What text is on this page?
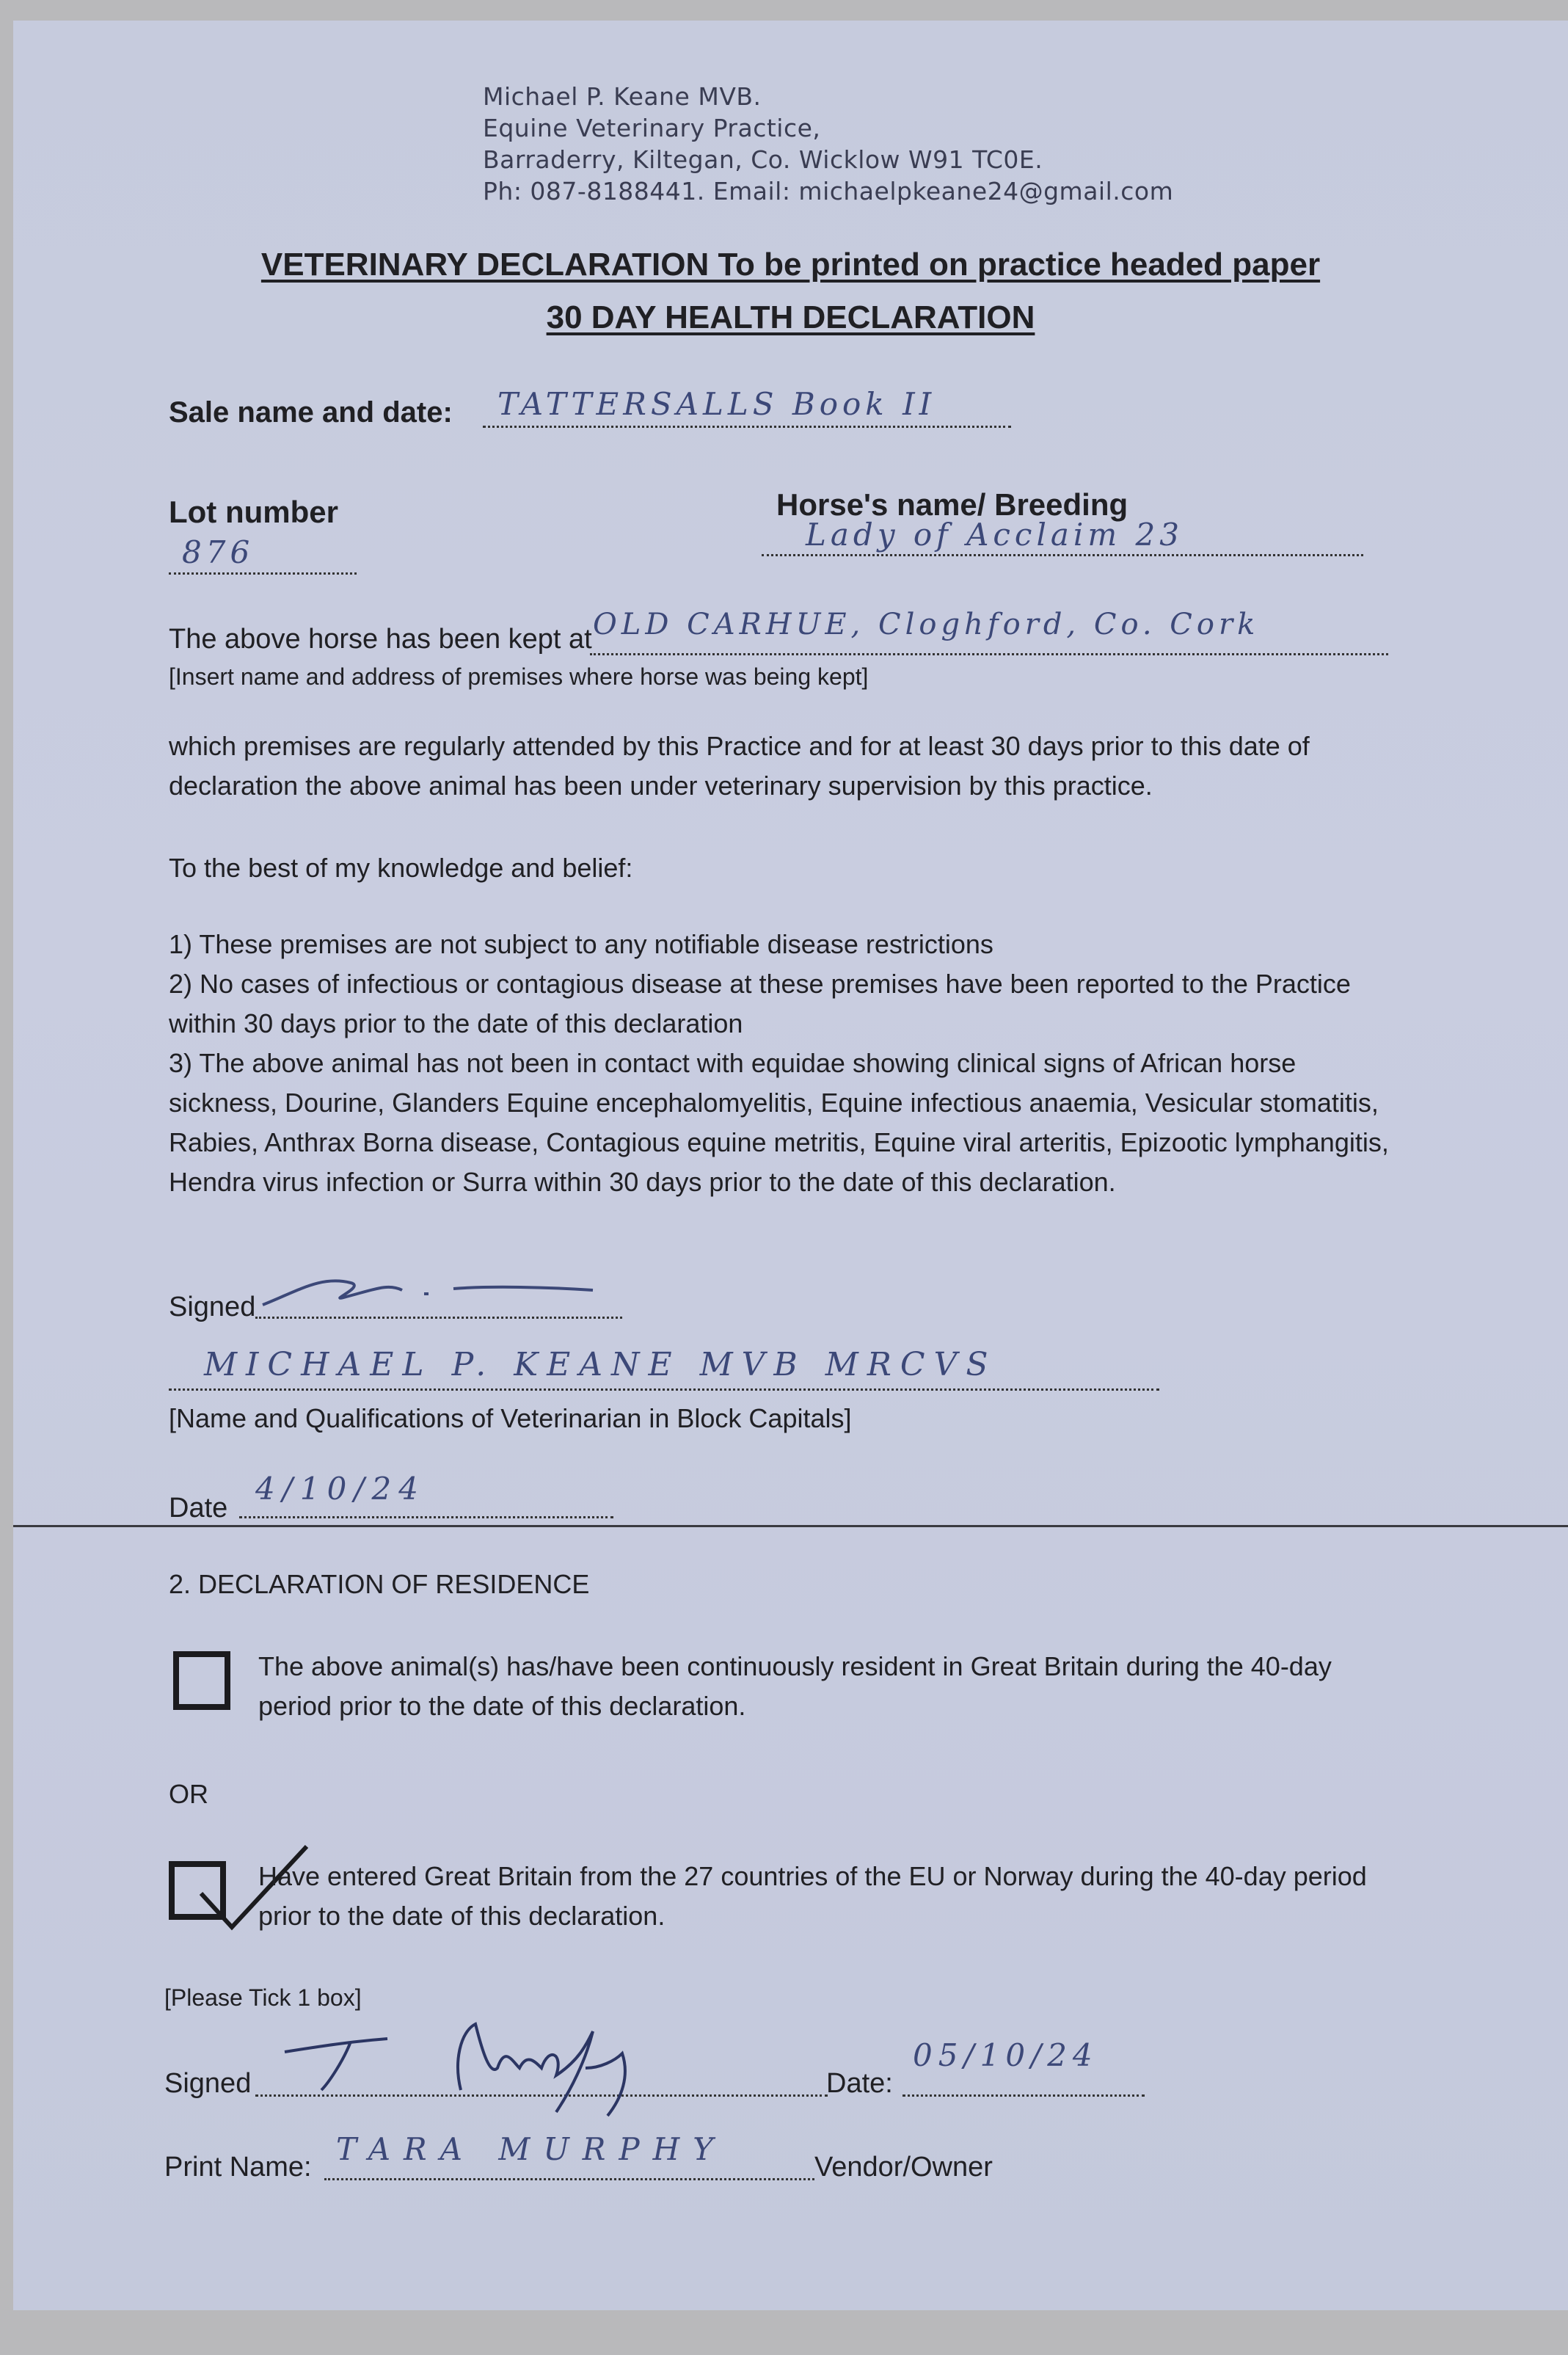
Michael P. Keane MVB.
Equine Veterinary Practice,
Barraderry, Kiltegan, Co. Wicklow W91 TC0E.
Ph: 087-8188441. Email: michaelpkeane24@gmail.com
VETERINARY DECLARATION To be printed on practice headed paper
30 DAY HEALTH DECLARATION
Sale name and date: TATTERSALLS Book II
Lot number
876
Horse's name/ Breeding
Lady of Acclaim 23
The above horse has been kept at OLD CARHUE, Cloghford, Co. Cork
[Insert name and address of premises where horse was being kept]
which premises are regularly attended by this Practice and for at least 30 days prior to this date of declaration the above animal has been under veterinary supervision by this practice.
To the best of my knowledge and belief:
1) These premises are not subject to any notifiable disease restrictions
2) No cases of infectious or contagious disease at these premises have been reported to the Practice within 30 days prior to the date of this declaration
3) The above animal has not been in contact with equidae showing clinical signs of African horse sickness, Dourine, Glanders Equine encephalomyelitis, Equine infectious anaemia, Vesicular stomatitis, Rabies, Anthrax Borna disease, Contagious equine metritis, Equine viral arteritis, Epizootic lymphangitis, Hendra virus infection or Surra within 30 days prior to the date of this declaration.
Signed
MICHAEL P. KEANE MVB MRCVS
[Name and Qualifications of Veterinarian in Block Capitals]
Date
4/10/24
2. DECLARATION OF RESIDENCE
The above animal(s) has/have been continuously resident in Great Britain during the 40-day period prior to the date of this declaration.
OR
Have entered Great Britain from the 27 countries of the EU or Norway during the 40-day period prior to the date of this declaration.
[Please Tick 1 box]
Signed	Date:
05/10/24
Print Name: TARA MURPHY	Vendor/Owner
